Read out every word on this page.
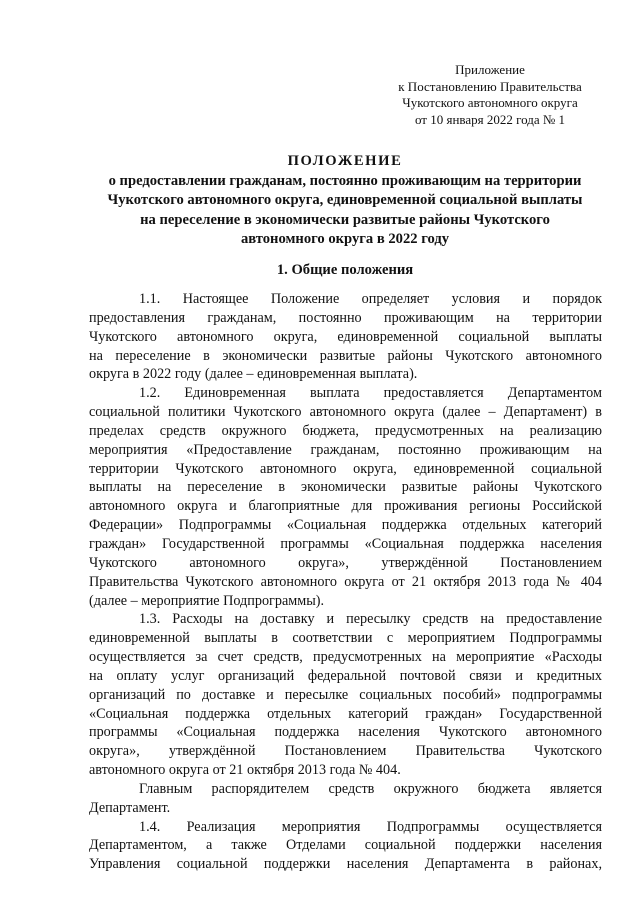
Приложение
к Постановлению Правительства
Чукотского автономного округа
от 10 января 2022 года № 1
ПОЛОЖЕНИЕ
о предоставлении гражданам, постоянно проживающим на территории
Чукотского автономного округа, единовременной социальной выплаты
на переселение в экономически развитые районы Чукотского
автономного округа в 2022 году
1. Общие положения
1.1. Настоящее Положение определяет условия и порядок
предоставления гражданам, постоянно проживающим на территории
Чукотского автономного округа, единовременной социальной выплаты
на переселение в экономически развитые районы Чукотского автономного
округа в 2022 году (далее – единовременная выплата).
1.2. Единовременная выплата предоставляется Департаментом
социальной политики Чукотского автономного округа (далее – Департамент) в
пределах средств окружного бюджета, предусмотренных на реализацию
мероприятия «Предоставление гражданам, постоянно проживающим на
территории Чукотского автономного округа, единовременной социальной
выплаты на переселение в экономически развитые районы Чукотского
автономного округа и благоприятные для проживания регионы Российской
Федерации» Подпрограммы «Социальная поддержка отдельных категорий
граждан» Государственной программы «Социальная поддержка населения
Чукотского автономного округа», утверждённой Постановлением
Правительства Чукотского автономного округа от 21 октября 2013 года № 404
(далее – мероприятие Подпрограммы).
1.3. Расходы на доставку и пересылку средств на предоставление
единовременной выплаты в соответствии с мероприятием Подпрограммы
осуществляется за счет средств, предусмотренных на мероприятие «Расходы
на оплату услуг организаций федеральной почтовой связи и кредитных
организаций по доставке и пересылке социальных пособий» подпрограммы
«Социальная поддержка отдельных категорий граждан» Государственной
программы «Социальная поддержка населения Чукотского автономного
округа», утверждённой Постановлением Правительства Чукотского
автономного округа от 21 октября 2013 года № 404.
Главным распорядителем средств окружного бюджета является
Департамент.
1.4. Реализация мероприятия Подпрограммы осуществляется
Департаментом, а также Отделами социальной поддержки населения
Управления социальной поддержки населения Департамента в районах,
